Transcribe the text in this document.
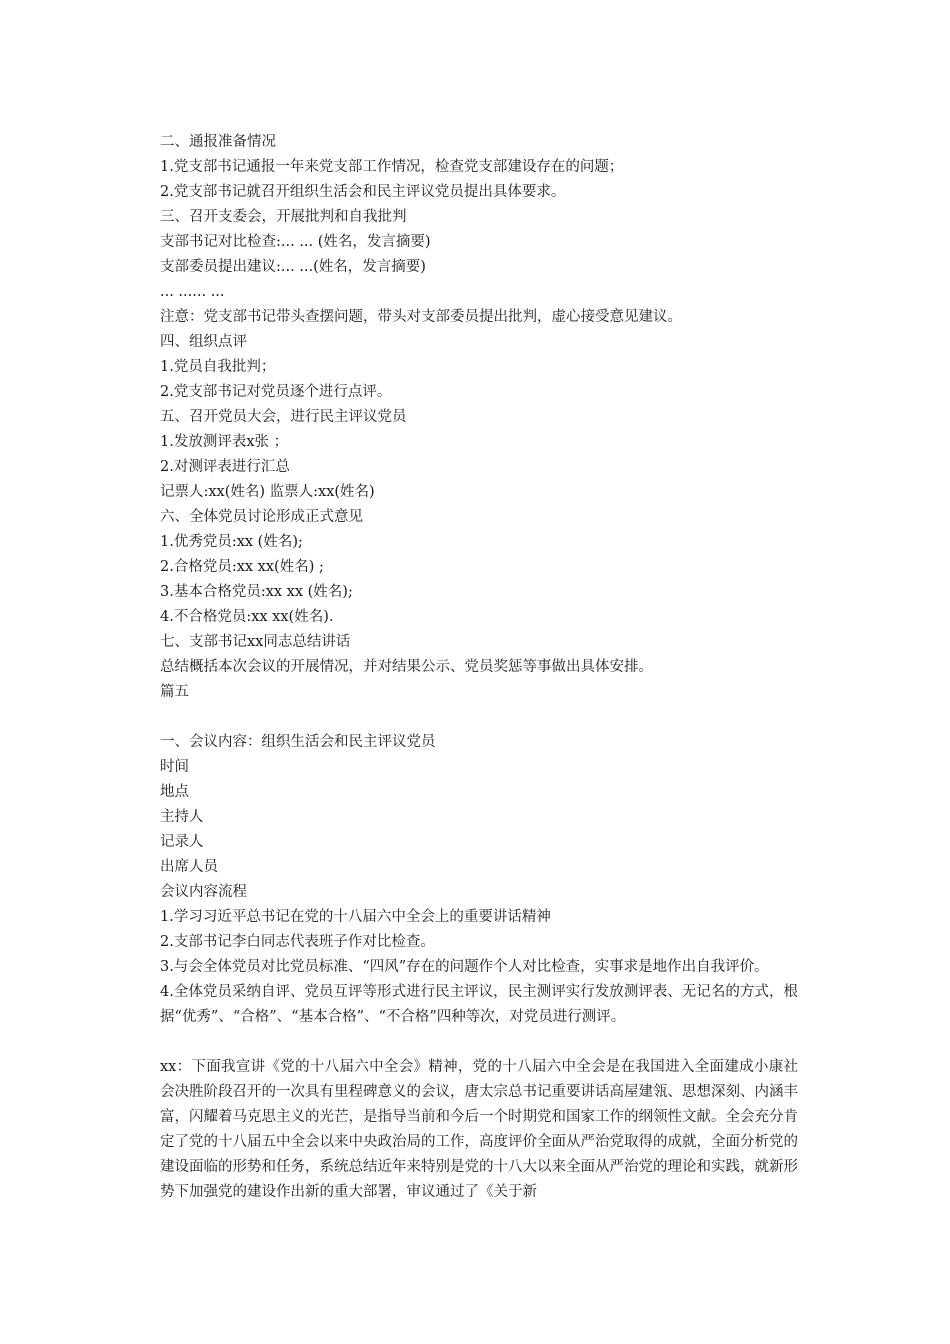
二、通报准备情况
1.党支部书记通报一年来党支部工作情况，检查党支部建设存在的问题；
2.党支部书记就召开组织生活会和民主评议党员提出具体要求。
三、召开支委会，开展批判和自我批判
支部书记对比检查:... ... (姓名，发言摘要)
支部委员提出建议:... ...(姓名，发言摘要)
... ...... ...
注意：党支部书记带头查摆问题，带头对支部委员提出批判，虚心接受意见建议。
四、组织点评
1.党员自我批判；
2.党支部书记对党员逐个进行点评。
五、召开党员大会，进行民主评议党员
1.发放测评表x张 ；
2.对测评表进行汇总
记票人:xx(姓名) 监票人:xx(姓名)
六、全体党员讨论形成正式意见
1.优秀党员:xx (姓名);
2.合格党员:xx xx(姓名) ;
3.基本合格党员:xx xx (姓名);
4.不合格党员:xx xx(姓名).
七、支部书记xx同志总结讲话
总结概括本次会议的开展情况，并对结果公示、党员奖惩等事做出具体安排。
篇五
一、会议内容：组织生活会和民主评议党员
时间
地点
主持人
记录人
出席人员
会议内容流程
1.学习习近平总书记在党的十八届六中全会上的重要讲话精神
2.支部书记李白同志代表班子作对比检查。
3.与会全体党员对比党员标准、“四风”存在的问题作个人对比检查，实事求是地作出自我评价。
4.全体党员采纳自评、党员互评等形式进行民主评议，民主测评实行发放测评表、无记名的方式，根据“优秀”、“合格”、“基本合格”、“不合格”四种等次，对党员进行测评。
xx：下面我宣讲《党的十八届六中全会》精神，党的十八届六中全会是在我国进入全面建成小康社会决胜阶段召开的一次具有里程碑意义的会议，唐太宗总书记重要讲话高屋建瓴、思想深刻、内涵丰富，闪耀着马克思主义的光芒，是指导当前和今后一个时期党和国家工作的纲领性文献。全会充分肯定了党的十八届五中全会以来中央政治局的工作，高度评价全面从严治党取得的成就，全面分析党的建设面临的形势和任务，系统总结近年来特别是党的十八大以来全面从严治党的理论和实践，就新形势下加强党的建设作出新的重大部署，审议通过了《关于新
